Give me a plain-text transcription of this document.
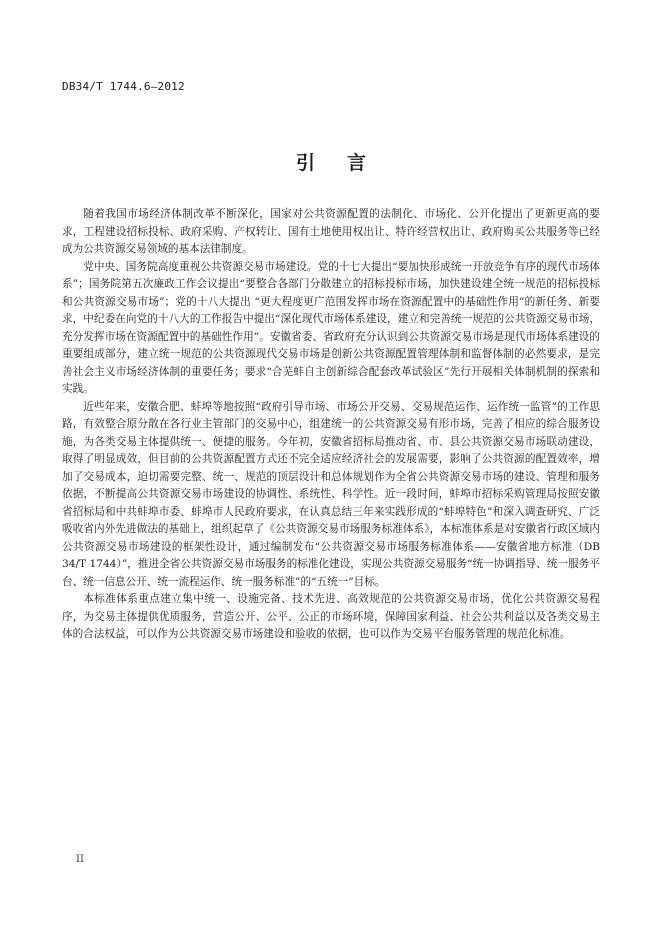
DB34/T 1744.6—2012
引 言

随着我国市场经济体制改革不断深化，国家对公共资源配置的法制化、市场化、公开化提出了更新更高的要求，工程建设招标投标、政府采购、产权转让、国有土地使用权出让、特许经营权出让、政府购买公共服务等已经成为公共资源交易领域的基本法律制度。

党中央、国务院高度重视公共资源交易市场建设。党的十七大提出“要加快形成统一开放竞争有序的现代市场体系”；国务院第五次廉政工作会议提出“要整合各部门分散建立的招标投标市场，加快建设建全统一规范的招标投标和公共资源交易市场”；党的十八大提出 “更大程度更广范围发挥市场在资源配置中的基础性作用”的新任务、新要求，中纪委在向党的十八大的工作报告中提出“深化现代市场体系建设，建立和完善统一规范的公共资源交易市场，充分发挥市场在资源配置中的基础性作用”。安徽省委、省政府充分认识到公共资源交易市场是现代市场体系建设的重要组成部分，建立统一规范的公共资源现代交易市场是创新公共资源配置管理体制和监督体制的必然要求，是完善社会主义市场经济体制的重要任务；要求“合芜蚌自主创新综合配套改革试验区”先行开展相关体制机制的探索和实践。

近些年来，安徽合肥、蚌埠等地按照“政府引导市场、市场公开交易、交易规范运作、运作统一监管”的工作思路，有效整合原分散在各行业主管部门的交易中心，组建统一的公共资源交易有形市场，完善了相应的综合服务设施，为各类交易主体提供统一、便捷的服务。今年初，安徽省招标局推动省、市、县公共资源交易市场联动建设，取得了明显成效，但目前的公共资源配置方式还不完全适应经济社会的发展需要，影响了公共资源的配置效率，增加了交易成本，迫切需要完整、统一、规范的顶层设计和总体规划作为全省公共资源交易市场的建设、管理和服务依据，不断提高公共资源交易市场建设的协调性、系统性、科学性。近一段时间，蚌埠市招标采购管理局按照安徽省招标局和中共蚌埠市委、蚌埠市人民政府要求，在认真总结三年来实践形成的“蚌埠特色”和深入调查研究、广泛吸收省内外先进做法的基础上，组织起草了《公共资源交易市场服务标准体系》，本标准体系是对安徽省行政区域内公共资源交易市场建设的框架性设计，通过编制发布“公共资源交易市场服务标准体系——安徽省地方标准（DB 34/T 1744）”，推进全省公共资源交易市场服务的标准化建设，实现公共资源交易服务“统一协调指导、统一服务平台、统一信息公开、统一流程运作、统一服务标准”的“五统一”目标。

本标准体系重点建立集中统一、设施完备、技术先进、高效规范的公共资源交易市场，优化公共资源交易程序，为交易主体提供优质服务，营造公开、公平、公正的市场环境，保障国家利益、社会公共利益以及各类交易主体的合法权益，可以作为公共资源交易市场建设和验收的依据，也可以作为交易平台服务管理的规范化标准。

II
